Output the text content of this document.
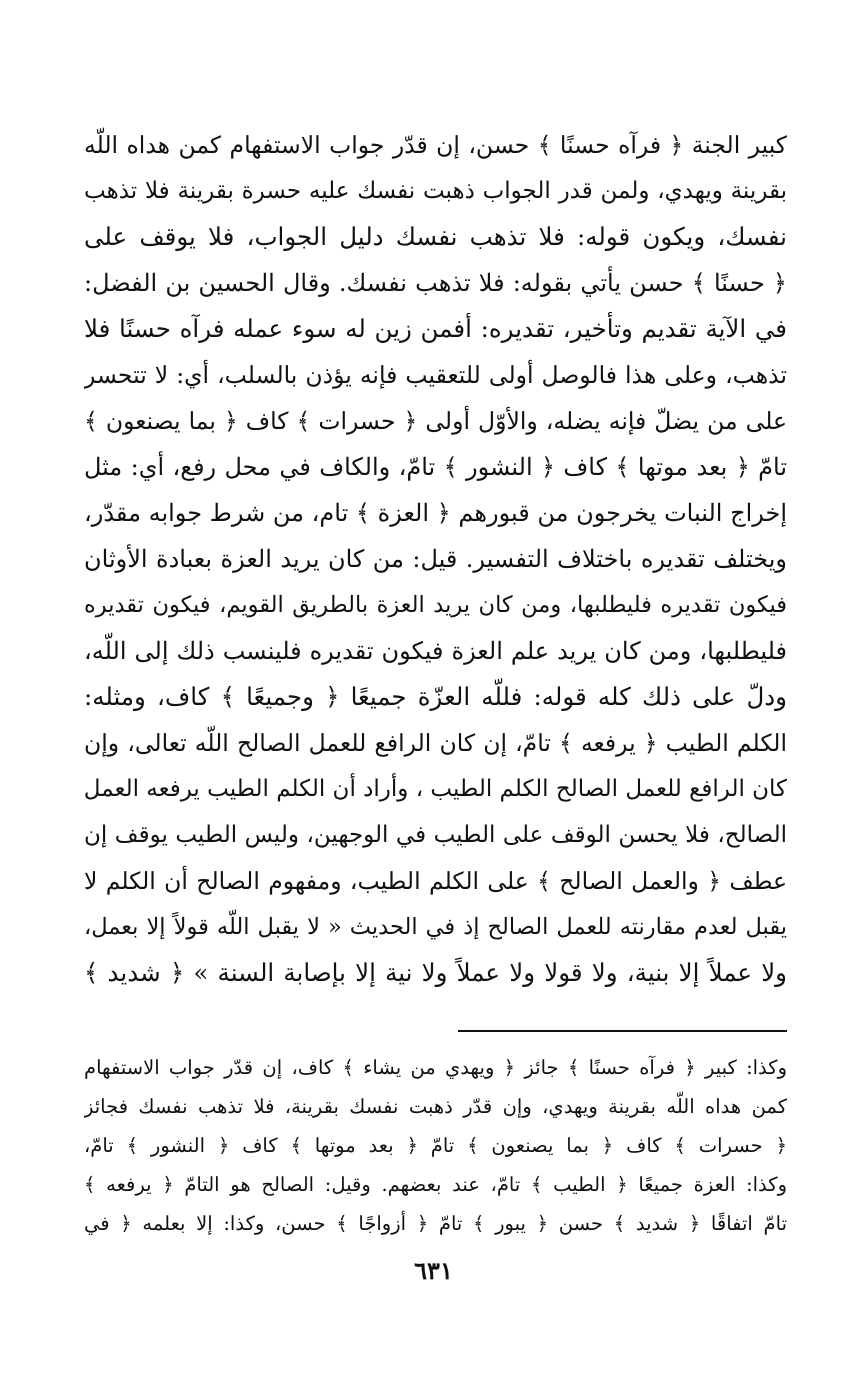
كبير الجنة ﴿ فرآه حسنًا ﴾ حسن، إن قدّر جواب الاستفهام كمن هداه اللّه
بقرينة ويهدي، ولمن قدر الجواب ذهبت نفسك عليه حسرة بقرينة فلا تذهب
نفسك، ويكون قوله: فلا تذهب نفسك دليل الجواب، فلا يوقف على
﴿ حسنًا ﴾ حسن يأتي بقوله: فلا تذهب نفسك. وقال الحسين بن الفضل:
في الآية تقديم وتأخير، تقديره: أفمن زين له سوء عمله فرآه حسنًا فلا
تذهب، وعلى هذا فالوصل أولى للتعقيب فإنه يؤذن بالسلب، أي: لا تتحسر
على من يضلّ فإنه يضله، والأوّل أولى ﴿ حسرات ﴾ كاف ﴿ بما يصنعون ﴾
تامّ ﴿ بعد موتها ﴾ كاف ﴿ النشور ﴾ تامّ، والكاف في محل رفع، أي: مثل
إخراج النبات يخرجون من قبورهم ﴿ العزة ﴾ تام، من شرط جوابه مقدّر،
ويختلف تقديره باختلاف التفسير. قيل: من كان يريد العزة بعبادة الأوثان
فيكون تقديره فليطلبها، ومن كان يريد العزة بالطريق القويم، فيكون تقديره
فليطلبها، ومن كان يريد علم العزة فيكون تقديره فلينسب ذلك إلى اللّه،
ودلّ على ذلك كله قوله: فللّه العزّة جميعًا ﴿ وجميعًا ﴾ كاف، ومثله:
الكلم الطيب ﴿ يرفعه ﴾ تامّ، إن كان الرافع للعمل الصالح اللّه تعالى، وإن
كان الرافع للعمل الصالح الكلم الطيب ، وأراد أن الكلم الطيب يرفعه العمل
الصالح، فلا يحسن الوقف على الطيب في الوجهين، وليس الطيب يوقف إن
عطف ﴿ والعمل الصالح ﴾ على الكلم الطيب، ومفهوم الصالح أن الكلم لا
يقبل لعدم مقارنته للعمل الصالح إذ في الحديث « لا يقبل اللّه قولاً إلا بعمل،
ولا عملاً إلا بنية، ولا قولا ولا عملاً ولا نية إلا بإصابة السنة » ﴿ شديد ﴾
وكذا: كبير ﴿ فرآه حسنًا ﴾ جائز ﴿ ويهدي من يشاء ﴾ كاف، إن قدّر جواب الاستفهام
كمن هداه اللّه بقرينة ويهدي، وإن قدّر ذهبت نفسك بقرينة، فلا تذهب نفسك فجائز
﴿ حسرات ﴾ كاف ﴿ بما يصنعون ﴾ تامّ ﴿ بعد موتها ﴾ كاف ﴿ النشور ﴾ تامّ،
وكذا: العزة جميعًا ﴿ الطيب ﴾ تامّ، عند بعضهم. وقيل: الصالح هو التامّ ﴿ يرفعه ﴾
تامّ اتفاقًا ﴿ شديد ﴾ حسن ﴿ يبور ﴾ تامّ ﴿ أزواجًا ﴾ حسن، وكذا: إلا بعلمه ﴿ في
٦٣١
